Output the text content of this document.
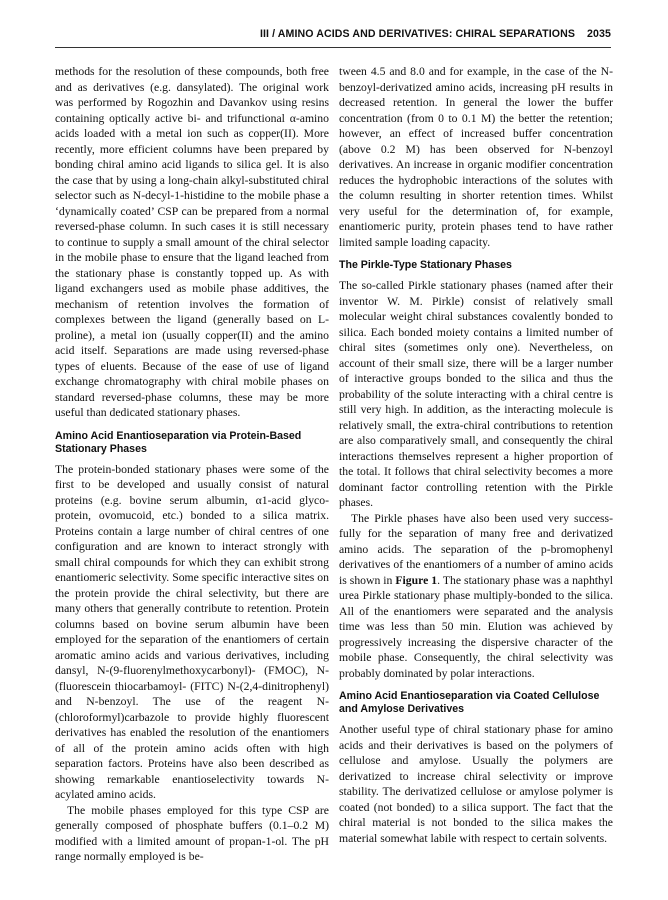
III / AMINO ACIDS AND DERIVATIVES: CHIRAL SEPARATIONS 2035

methods for the resolution of these compounds, both free and as derivatives (e.g. dansylated). The original work was performed by Rogozhin and Davankov using resins containing optically active bi- and trifunctional α-amino acids loaded with a metal ion such as copper(II). More recently, more efficient columns have been prepared by bonding chiral amino acid ligands to silica gel. It is also the case that by using a long-chain alkyl-substituted chiral selector such as N-decyl-1-histidine to the mobile phase a ‘dynamically coated’ CSP can be prepared from a normal reversed-phase column. In such cases it is still necessary to continue to supply a small amount of the chiral selector in the mobile phase to ensure that the ligand leached from the stationary phase is constantly topped up. As with ligand exchangers used as mobile phase additives, the mechanism of retention involves the formation of complexes between the ligand (generally based on L-proline), a metal ion (usually copper(II) and the amino acid itself. Separations are made using reversed-phase types of eluents. Because of the ease of use of ligand exchange chromatography with chiral mobile phases on standard reversed-phase columns, these may be more useful than dedicated stationary phases.

Amino Acid Enantioseparation via Protein-Based Stationary Phases

The protein-bonded stationary phases were some of the first to be developed and usually consist of natural proteins (e.g. bovine serum albumin, α1-acid glycoprotein, ovomucoid, etc.) bonded to a silica matrix. Proteins contain a large number of chiral centres of one configuration and are known to interact strongly with small chiral compounds for which they can exhibit strong enantiomeric selectivity. Some specific interactive sites on the protein provide the chiral selectivity, but there are many others that generally contribute to retention. Protein columns based on bovine serum albumin have been employed for the separation of the enantiomers of certain aromatic amino acids and various derivatives, including dansyl, N-(9-fluorenylmethoxycarbonyl)- (FMOC), N-(fluorescein thiocarbamoyl- (FITC) N-(2,4-dinitrophenyl) and N-benzoyl. The use of the reagent N-(chloroformyl)carbazole to provide highly fluorescent derivatives has enabled the resolution of the enantiomers of all of the protein amino acids often with high separation factors. Proteins have also been described as showing remarkable enantioselectivity towards N-acylated amino acids.

The mobile phases employed for this type CSP are generally composed of phosphate buffers (0.1–0.2 M) modified with a limited amount of propan-1-ol. The pH range normally employed is be-

tween 4.5 and 8.0 and for example, in the case of the N-benzoyl-derivatized amino acids, increasing pH results in decreased retention. In general the lower the buffer concentration (from 0 to 0.1 M) the better the retention; however, an effect of increased buffer concentration (above 0.2 M) has been observed for N-benzoyl derivatives. An increase in organic modifier concentration reduces the hydrophobic interactions of the solutes with the column resulting in shorter retention times. Whilst very useful for the determination of, for example, enantiomeric purity, protein phases tend to have rather limited sample loading capacity.

The Pirkle-Type Stationary Phases

The so-called Pirkle stationary phases (named after their inventor W. M. Pirkle) consist of relatively small molecular weight chiral substances covalently bonded to silica. Each bonded moiety contains a limited number of chiral sites (sometimes only one). Nevertheless, on account of their small size, there will be a larger number of interactive groups bonded to the silica and thus the probability of the solute interacting with a chiral centre is still very high. In addition, as the interacting molecule is relatively small, the extra-chiral contributions to retention are also comparatively small, and consequently the chiral interactions themselves represent a higher proportion of the total. It follows that chiral selectivity becomes a more dominant factor controlling retention with the Pirkle phases.

The Pirkle phases have also been used very successfully for the separation of many free and derivatized amino acids. The separation of the p-bromophenyl derivatives of the enantiomers of a number of amino acids is shown in Figure 1. The stationary phase was a naphthyl urea Pirkle stationary phase multiply-bonded to the silica. All of the enantiomers were separated and the analysis time was less than 50 min. Elution was achieved by progressively increasing the dispersive character of the mobile phase. Consequently, the chiral selectivity was probably dominated by polar interactions.

Amino Acid Enantioseparation via Coated Cellulose and Amylose Derivatives

Another useful type of chiral stationary phase for amino acids and their derivatives is based on the polymers of cellulose and amylose. Usually the polymers are derivatized to increase chiral selectivity or improve stability. The derivatized cellulose or amylose polymer is coated (not bonded) to a silica support. The fact that the chiral material is not bonded to the silica makes the material somewhat labile with respect to certain solvents.
